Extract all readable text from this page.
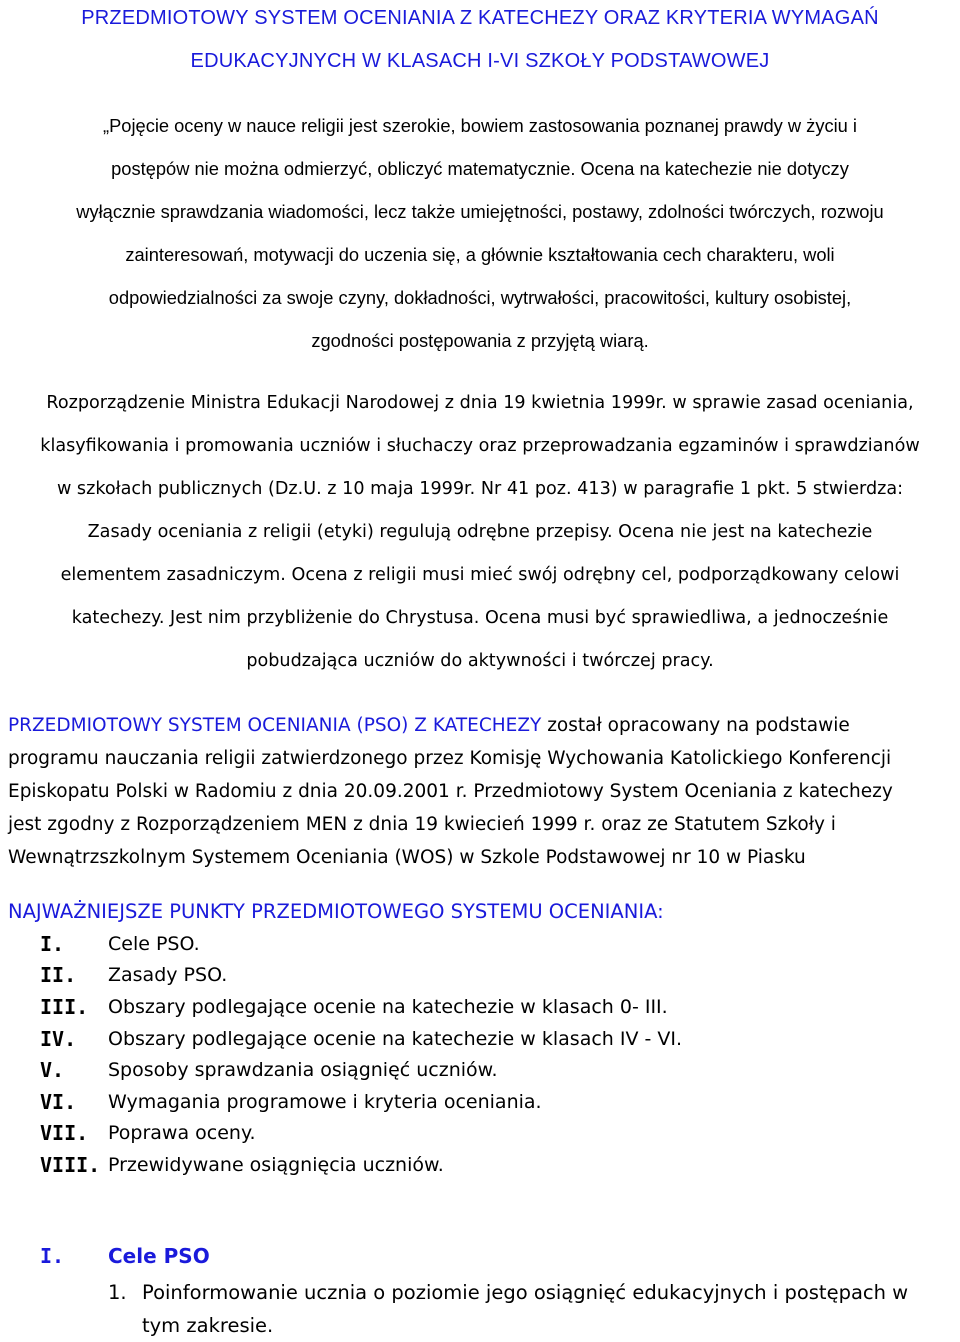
PRZEDMIOTOWY SYSTEM OCENIANIA Z KATECHEZY ORAZ KRYTERIA WYMAGAŃ
EDUKACYJNYCH W KLASACH I-VI SZKOŁY PODSTAWOWEJ
„Pojęcie oceny w nauce religii jest szerokie, bowiem zastosowania poznanej prawdy w życiu i
postępów nie można odmierzyć, obliczyć matematycznie. Ocena na katechezie nie dotyczy
wyłącznie sprawdzania wiadomości, lecz także umiejętności, postawy, zdolności twórczych, rozwoju
zainteresowań, motywacji do uczenia się, a głównie kształtowania cech charakteru, woli
odpowiedzialności za swoje czyny, dokładności, wytrwałości, pracowitości, kultury osobistej,
zgodności postępowania z przyjętą wiarą.
Rozporządzenie Ministra Edukacji Narodowej z dnia 19 kwietnia 1999r. w sprawie zasad oceniania,
klasyfikowania i promowania uczniów i słuchaczy oraz przeprowadzania egzaminów i sprawdzianów
w szkołach publicznych (Dz.U. z 10 maja 1999r. Nr 41 poz. 413) w paragrafie 1 pkt. 5 stwierdza:
Zasady oceniania z religii (etyki) regulują odrębne przepisy. Ocena nie jest na katechezie
elementem zasadniczym. Ocena z religii musi mieć swój odrębny cel, podporządkowany celowi
katechezy. Jest nim przybliżenie do Chrystusa. Ocena musi być sprawiedliwa, a jednocześnie
pobudzająca uczniów do aktywności i twórczej pracy.
PRZEDMIOTOWY SYSTEM OCENIANIA (PSO) Z KATECHEZY został opracowany na podstawie
programu nauczania religii zatwierdzonego przez Komisję Wychowania Katolickiego Konferencji
Episkopatu Polski w Radomiu z dnia 20.09.2001 r. Przedmiotowy System Oceniania z katechezy
jest zgodny z Rozporządzeniem MEN z dnia 19 kwiecień 1999 r. oraz ze Statutem Szkoły i
Wewnątrzszkolnym Systemem Oceniania (WOS) w Szkole Podstawowej nr 10 w Piasku
NAJWAŻNIEJSZE PUNKTY PRZEDMIOTOWEGO SYSTEMU OCENIANIA:
I.	Cele PSO.
II.	Zasady PSO.
III.	Obszary podlegające ocenie na katechezie w klasach 0- III.
IV.	Obszary podlegające ocenie na katechezie w klasach IV - VI.
V.	Sposoby sprawdzania osiągnięć uczniów.
VI.	Wymagania programowe i kryteria oceniania.
VII.	Poprawa oceny.
VIII. Przewidywane osiągnięcia uczniów.
I.	Cele PSO
1. Poinformowanie ucznia o poziomie jego osiągnięć edukacyjnych i postępach w
tym zakresie.
